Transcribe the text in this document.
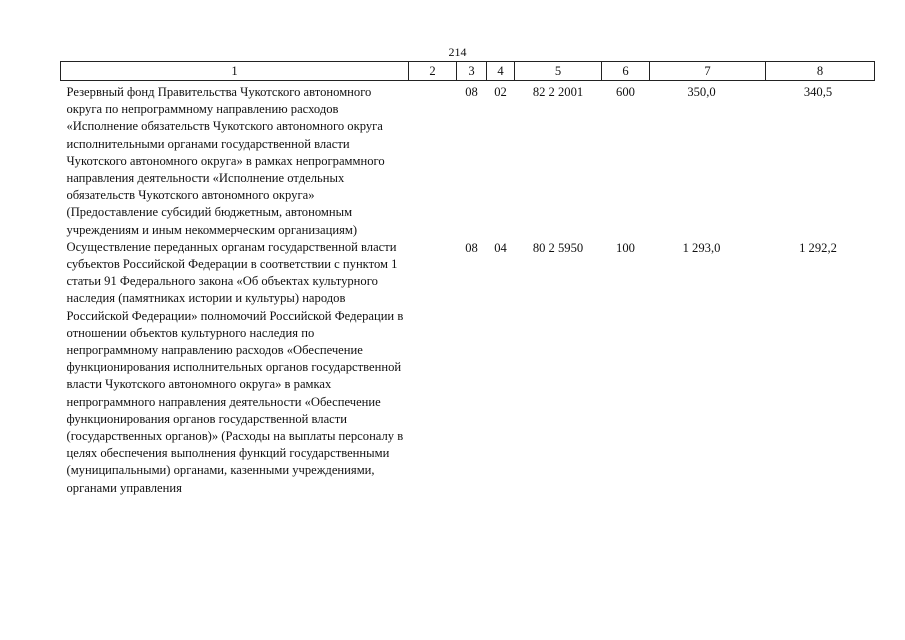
214
1	2	3	4	5	6	7	8
Резервный фонд Правительства Чукотского автономного округа по непрограммному направлению расходов «Исполнение обязательств Чукотского автономного округа исполнительными органами государственной власти Чукотского автономного округа» в рамках непрограммного направления деятельности «Исполнение отдельных обязательств Чукотского автономного округа» (Предоставление субсидий бюджетным, автономным учреждениям и иным некоммерческим организациям)		08	02	82 2 2001	600	350,0	340,5
Осуществление переданных органам государственной власти субъектов Российской Федерации в соответствии с пунктом 1 статьи 91 Федерального закона «Об объектах культурного наследия (памятниках истории и культуры) народов Российской Федерации» полномочий Российской Федерации в отношении объектов культурного наследия по непрограммному направлению расходов «Обеспечение функционирования исполнительных органов государственной власти Чукотского автономного округа» в рамках непрограммного направления деятельности «Обеспечение функционирования органов государственной власти (государственных органов)» (Расходы на выплаты персоналу в целях обеспечения выполнения функций государственными (муниципальными) органами, казенными учреждениями, органами управления		08	04	80 2 5950	100	1 293,0	1 292,2
